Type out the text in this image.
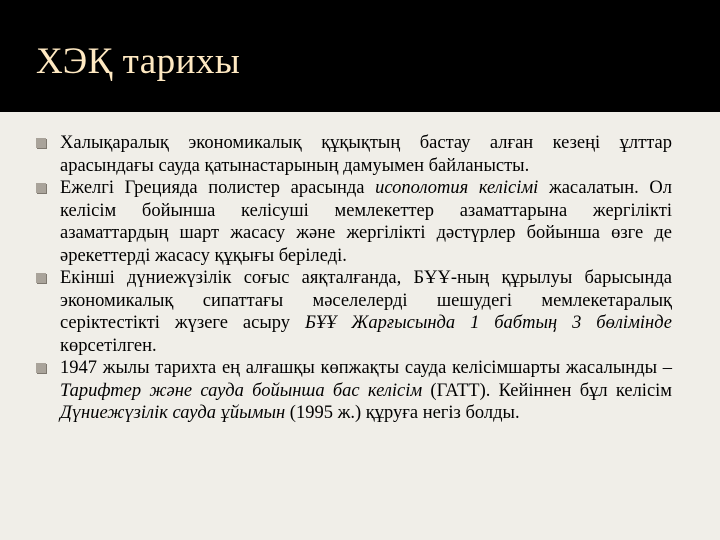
ХЭҚ тарихы
Халықаралық экономикалық құқықтың бастау алған кезеңі ұлттар арасындағы сауда қатынастарының дамуымен байланысты.
Ежелгі Грецияда полистер арасында исополотия келісімі жасалатын. Ол келісім бойынша келісуші мемлекеттер азаматтарына жергілікті азаматтардың шарт жасасу және жергілікті дәстүрлер бойынша өзге де әрекеттерді жасасу құқығы беріледі.
Екінші дүниежүзілік соғыс аяқталғанда, БҰҰ-ның құрылуы барысында экономикалық сипаттағы мәселелерді шешудегі мемлекетаралық серіктестікті жүзеге асыру БҰҰ Жарғысында 1 бабтың 3 бөлімінде көрсетілген.
1947 жылы тарихта ең алғашқы көпжақты сауда келісімшарты жасалынды – Тарифтер және сауда бойынша бас келісім (ГАТТ). Кейіннен бұл келісім Дүниежүзілік сауда ұйымын (1995 ж.) құруға негіз болды.
